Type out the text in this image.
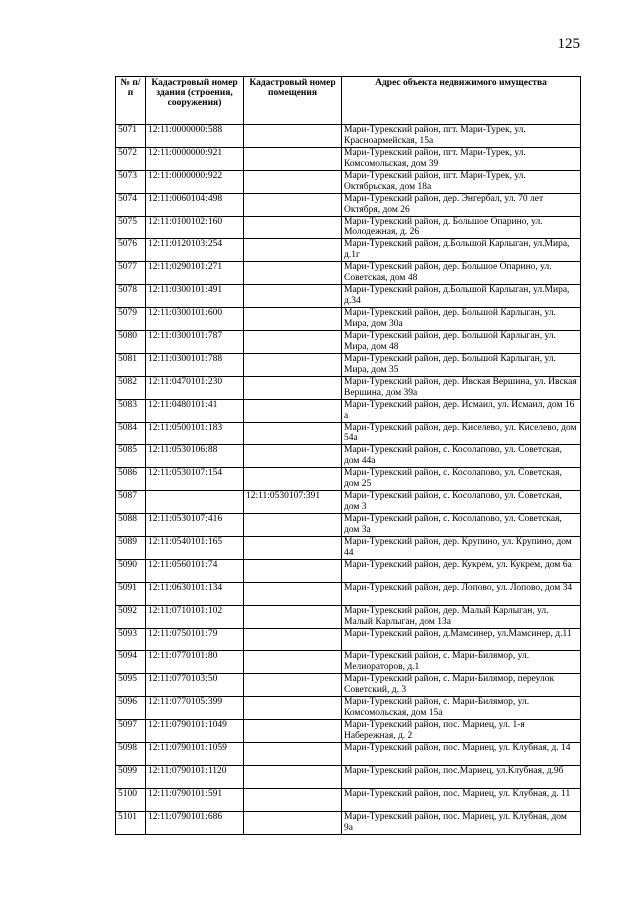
125
№ п/п	Кадастровый номер здания (строения, сооружения)	Кадастровый номер помещения	Адрес объекта недвижимого имущества
5071	12:11:0000000:588		Мари-Турекский район, пгт. Мари-Турек, ул. Красноармейская, 15а
5072	12:11:0000000:921		Мари-Турекский район, пгт. Мари-Турек, ул. Комсомольская, дом 39
5073	12:11:0000000:922		Мари-Турекский район, пгт. Мари-Турек, ул. Октябрьская, дом 18а
5074	12:11:0060104:498		Мари-Турекский район, дер. Энгербал, ул. 70 лет Октября, дом 26
5075	12:11:0100102:160		Мари-Турекский район, д. Большое Опарино, ул. Молодежная, д. 26
5076	12:11:0120103:254		Мари-Турекский район, д.Большой Карлыган, ул.Мира, д.1г
5077	12:11:0290101:271		Мари-Турекский район, дер. Большое Опарино, ул. Советская, дом 48
5078	12:11:0300101:491		Мари-Турекский район, д.Большой Карлыган, ул.Мира, д.34
5079	12:11:0300101:600		Мари-Турекский район, дер. Большой Карлыган, ул. Мира, дом 30а
5080	12:11:0300101:787		Мари-Турекский район, дер. Большой Карлыган, ул. Мира, дом 48
5081	12:11:0300101:788		Мари-Турекский район, дер. Большой Карлыган, ул. Мира, дом 35
5082	12:11:0470101:230		Мари-Турекский район, дер. Ивская Вершина, ул. Ивская Вершина, дом 39а
5083	12:11:0480101:41		Мари-Турекский район, дер. Исмаил, ул. Исмаил, дом 16 а
5084	12:11:0500101:183		Мари-Турекский район, дер. Киселево, ул. Киселево, дом 54а
5085	12:11:0530106:88		Мари-Турекский район, с. Косолапово, ул. Советская, дом 44а
5086	12:11:0530107:154		Мари-Турекский район, с. Косолапово, ул. Советская, дом 25
5087		12:11:0530107:391	Мари-Турекский район, с. Косолапово, ул. Советская, дом 3
5088	12:11:0530107:416		Мари-Турекский район, с. Косолапово, ул. Советская, дом 3а
5089	12:11:0540101:165		Мари-Турекский район, дер. Крупино, ул. Крупино, дом 44
5090	12:11:0560101:74		Мари-Турекский район, дер. Кукрем, ул. Кукрем, дом 6а
5091	12:11:0630101:134		Мари-Турекский район, дер. Лопово, ул. Лопово, дом 34
5092	12:11:0710101:102		Мари-Турекский район, дер. Малый Карлыган, ул. Малый Карлыган, дом 13а
5093	12:11:0750101:79		Мари-Турекский район, д.Мамсинер, ул.Мамсинер, д.11
5094	12:11:0770101:80		Мари-Турекский район, с. Мари-Билямор, ул. Мелиораторов, д.1
5095	12:11:0770103:50		Мари-Турекский район, с. Мари-Билямор, переулок Советский, д. 3
5096	12:11:0770105:399		Мари-Турекский район, с. Мари-Билямор, ул. Комсомольская, дом 15а
5097	12:11:0790101:1049		Мари-Турекский район, пос. Мариец, ул. 1-я Набережная, д. 2
5098	12:11:0790101:1059		Мари-Турекский район, пос. Мариец, ул. Клубная, д. 14
5099	12:11:0790101:1120		Мари-Турекский район, пос.Мариец, ул.Клубная, д.9б
5100	12:11:0790101:591		Мари-Турекский район, пос. Мариец, ул. Клубная, д. 11
5101	12:11:0790101:686		Мари-Турекский район, пос. Мариец, ул. Клубная, дом 9а
